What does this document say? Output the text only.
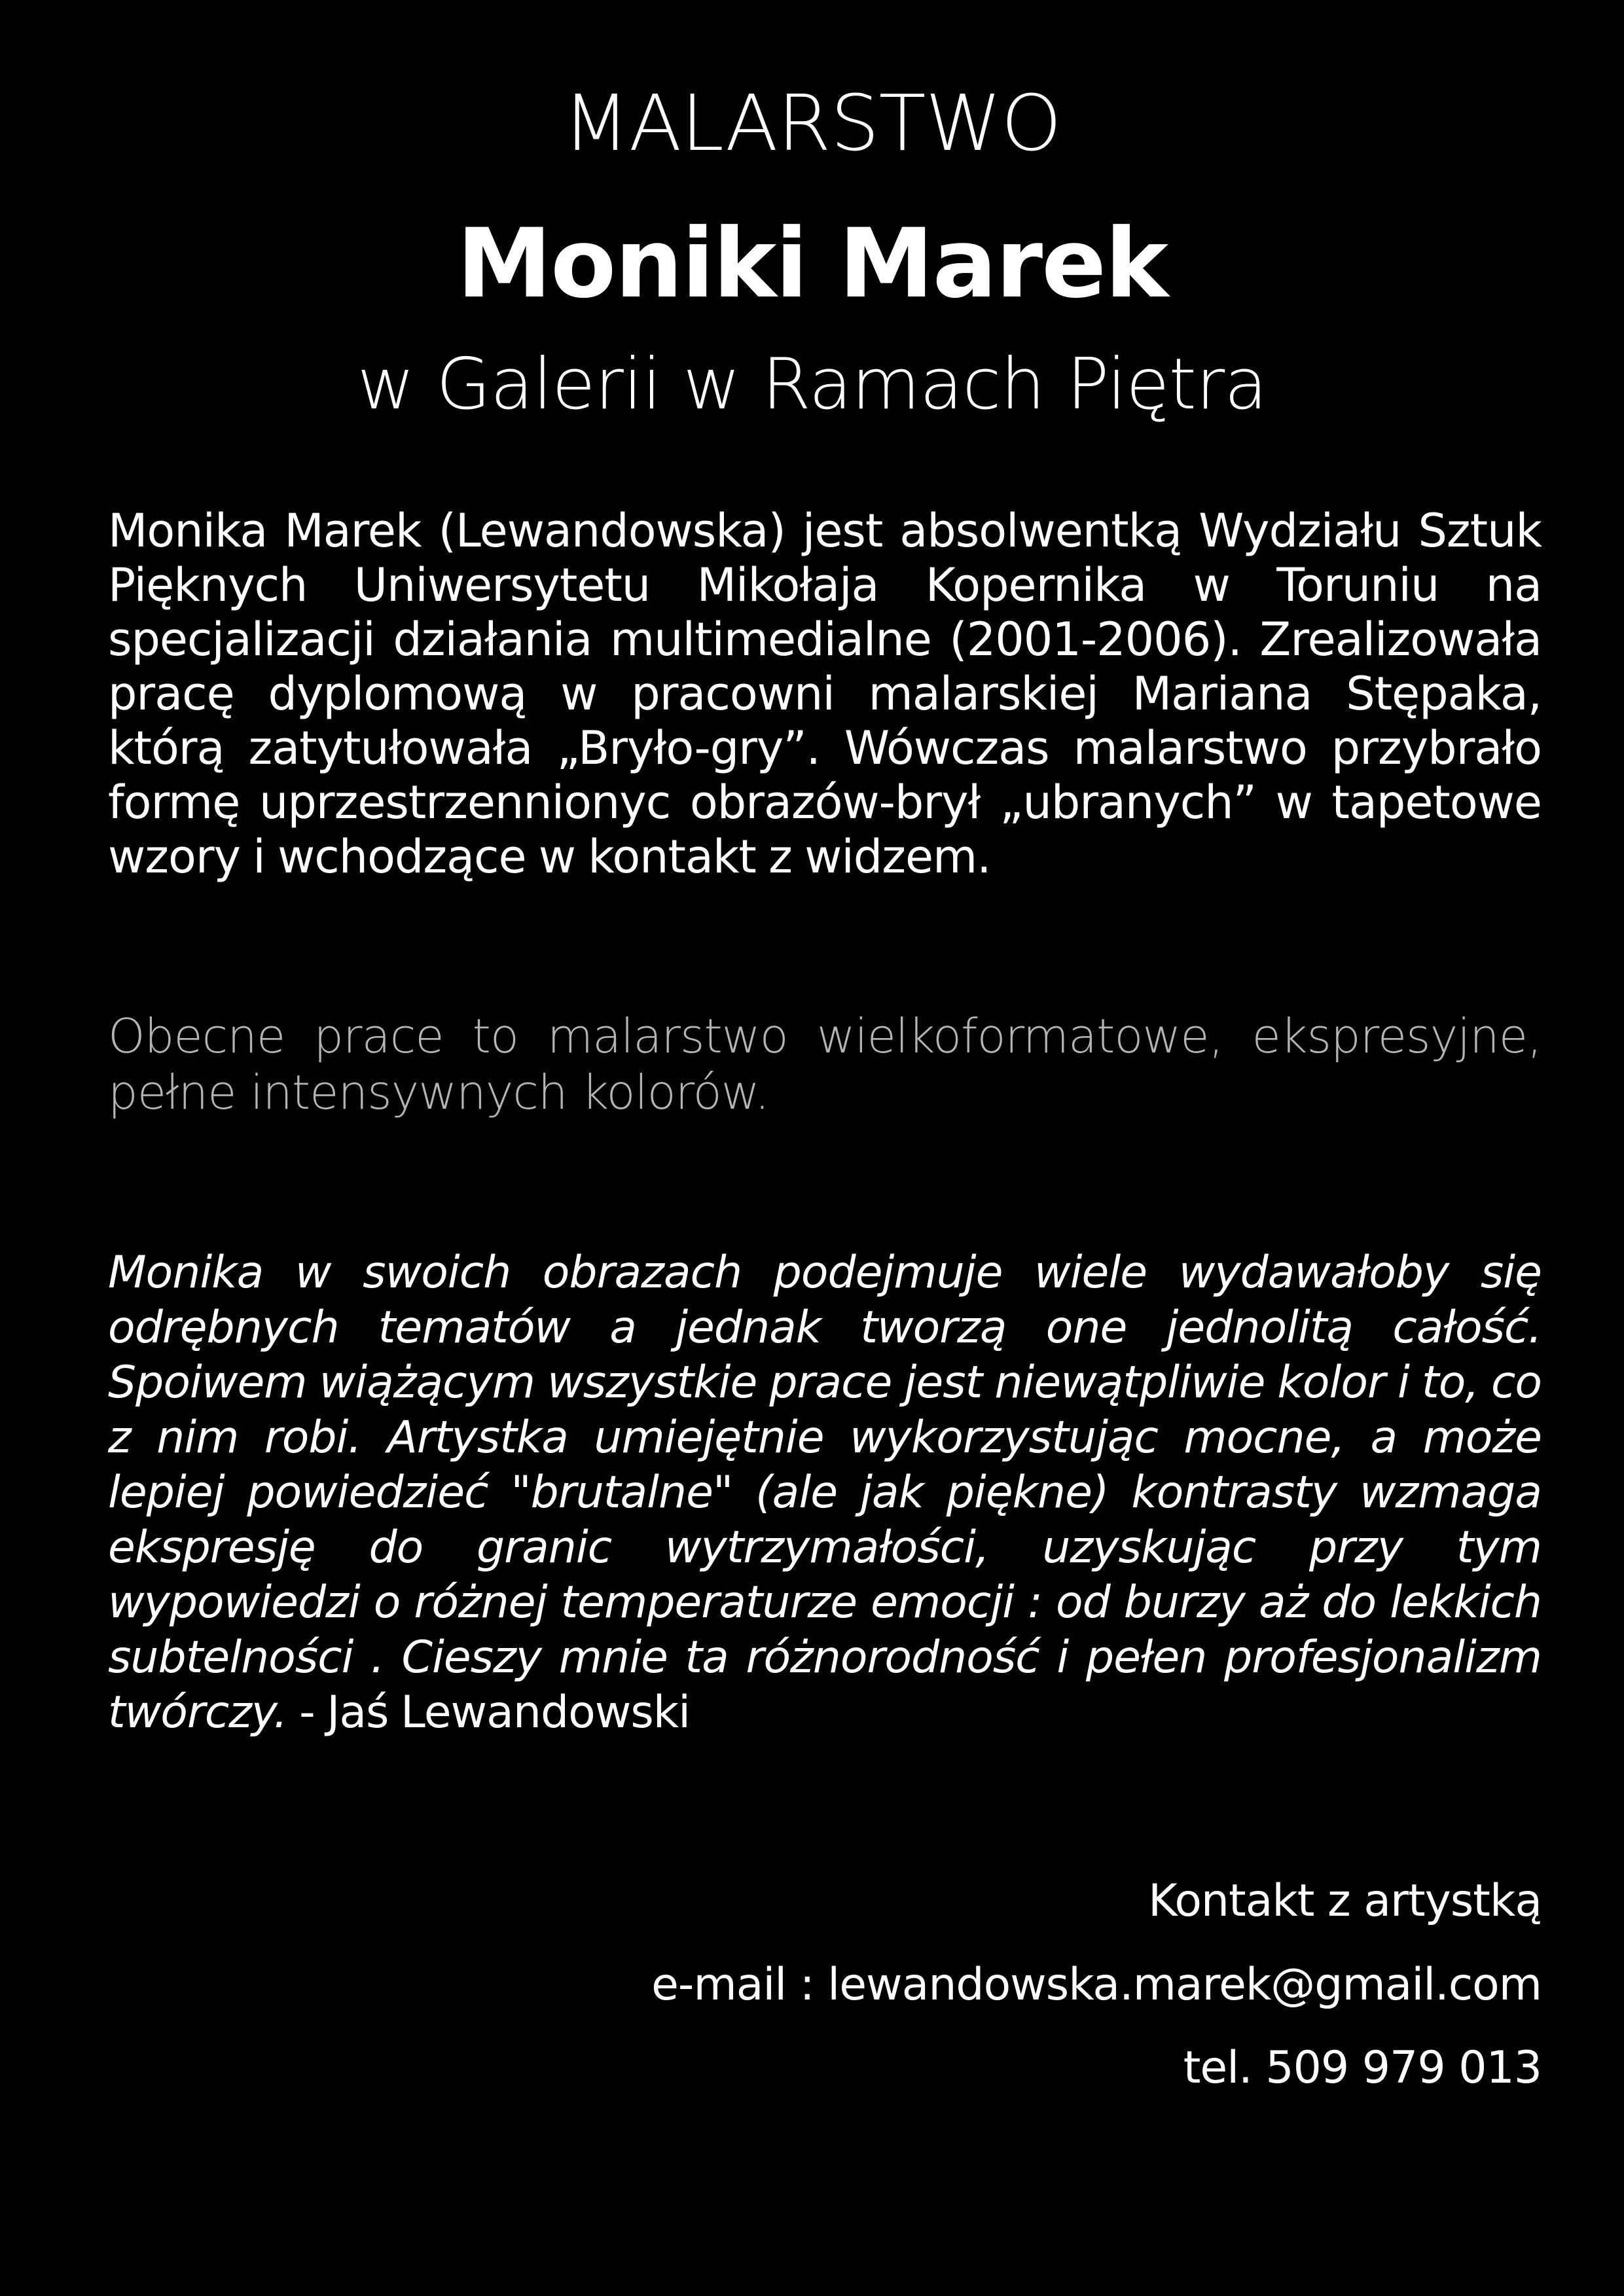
MALARSTWO
Moniki Marek
w Galerii w Ramach Piętra

Monika Marek (Lewandowska) jest absolwentką Wydziału Sztuk Pięknych Uniwersytetu Mikołaja Kopernika w Toruniu na specjalizacji działania multimedialne (2001-2006). Zrealizowała pracę dyplomową w pracowni malarskiej Mariana Stępaka, którą zatytułowała „Bryło-gry”. Wówczas malarstwo przybrało formę uprzestrzennionyc obrazów-brył „ubranych” w tapetowe wzory i wchodzące w kontakt z widzem.

Obecne prace to malarstwo wielkoformatowe, ekspresyjne, pełne intensywnych kolorów.

Monika w swoich obrazach podejmuje wiele wydawałoby się odrębnych tematów a jednak tworzą one jednolitą całość. Spoiwem wiążącym wszystkie prace jest niewątpliwie kolor i to, co z nim robi. Artystka umiejętnie wykorzystując mocne, a może lepiej powiedzieć "brutalne" (ale jak piękne) kontrasty wzmaga ekspresję do granic wytrzymałości, uzyskując przy tym wypowiedzi o różnej temperaturze emocji : od burzy aż do lekkich subtelności . Cieszy mnie ta różnorodność i pełen profesjonalizm twórczy. - Jaś Lewandowski

Kontakt z artystką
e-mail : lewandowska.marek@gmail.com
tel. 509 979 013
